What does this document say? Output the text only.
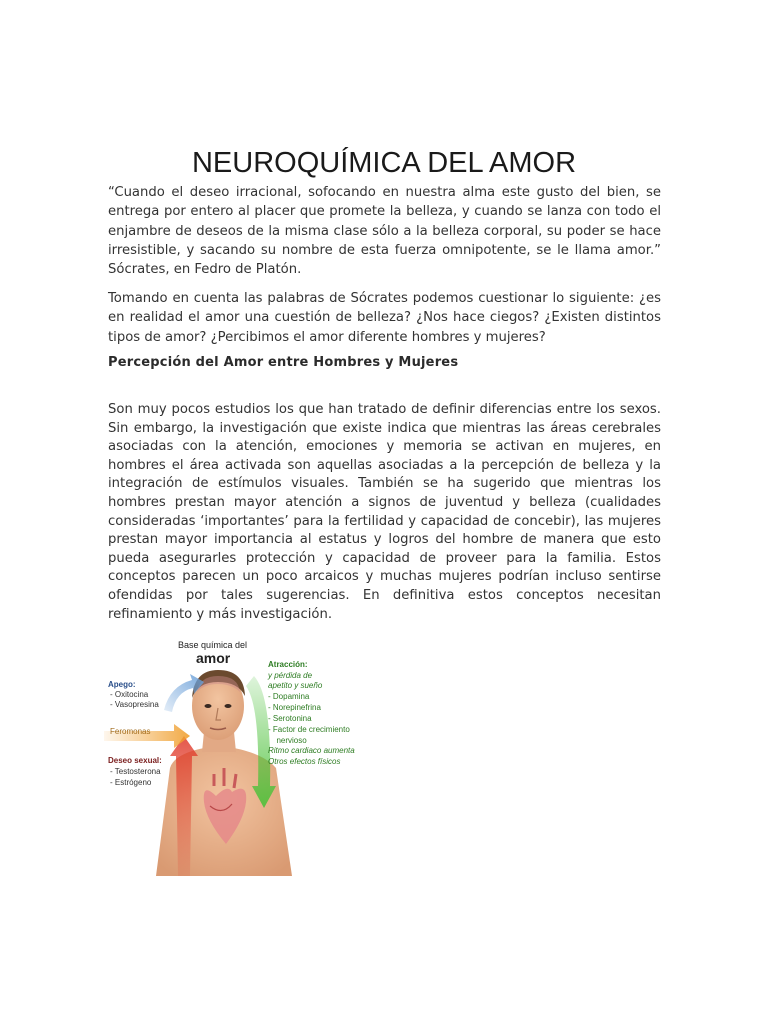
NEUROQUÍMICA DEL AMOR

“Cuando el deseo irracional, sofocando en nuestra alma este gusto del bien, se entrega por entero al placer que promete la belleza, y cuando se lanza con todo el enjambre de deseos de la misma clase sólo a la belleza corporal, su poder se hace irresistible, y sacando su nombre de esta fuerza omnipotente, se le llama amor.” Sócrates, en Fedro de Platón.

Tomando en cuenta las palabras de Sócrates podemos cuestionar lo siguiente: ¿es en realidad el amor una cuestión de belleza? ¿Nos hace ciegos? ¿Existen distintos tipos de amor? ¿Percibimos el amor diferente hombres y mujeres?

Percepción del Amor entre Hombres y Mujeres

Son muy pocos estudios los que han tratado de definir diferencias entre los sexos. Sin embargo, la investigación que existe indica que mientras las áreas cerebrales asociadas con la atención, emociones y memoria se activan en mujeres, en hombres el área activada son aquellas asociadas a la percepción de belleza y la integración de estímulos visuales. También se ha sugerido que mientras los hombres prestan mayor atención a signos de juventud y belleza (cualidades consideradas ‘importantes’ para la fertilidad y capacidad de concebir), las mujeres prestan mayor importancia al estatus y logros del hombre de manera que esto pueda asegurarles protección y capacidad de proveer para la familia. Estos conceptos parecen un poco arcaicos y muchas mujeres podrían incluso sentirse ofendidas por tales sugerencias. En definitiva estos conceptos necesitan refinamiento y más investigación.

Base química del
amor
Apego:
- Oxitocina
- Vasopresina
Feromonas
Deseo sexual:
- Testosterona
- Estrógeno
Atracción:
y pérdida de
apetito y sueño
- Dopamina
- Norepinefrina
- Serotonina
- Factor de crecimiento
nervioso
Ritmo cardiaco aumenta
Otros efectos físicos
